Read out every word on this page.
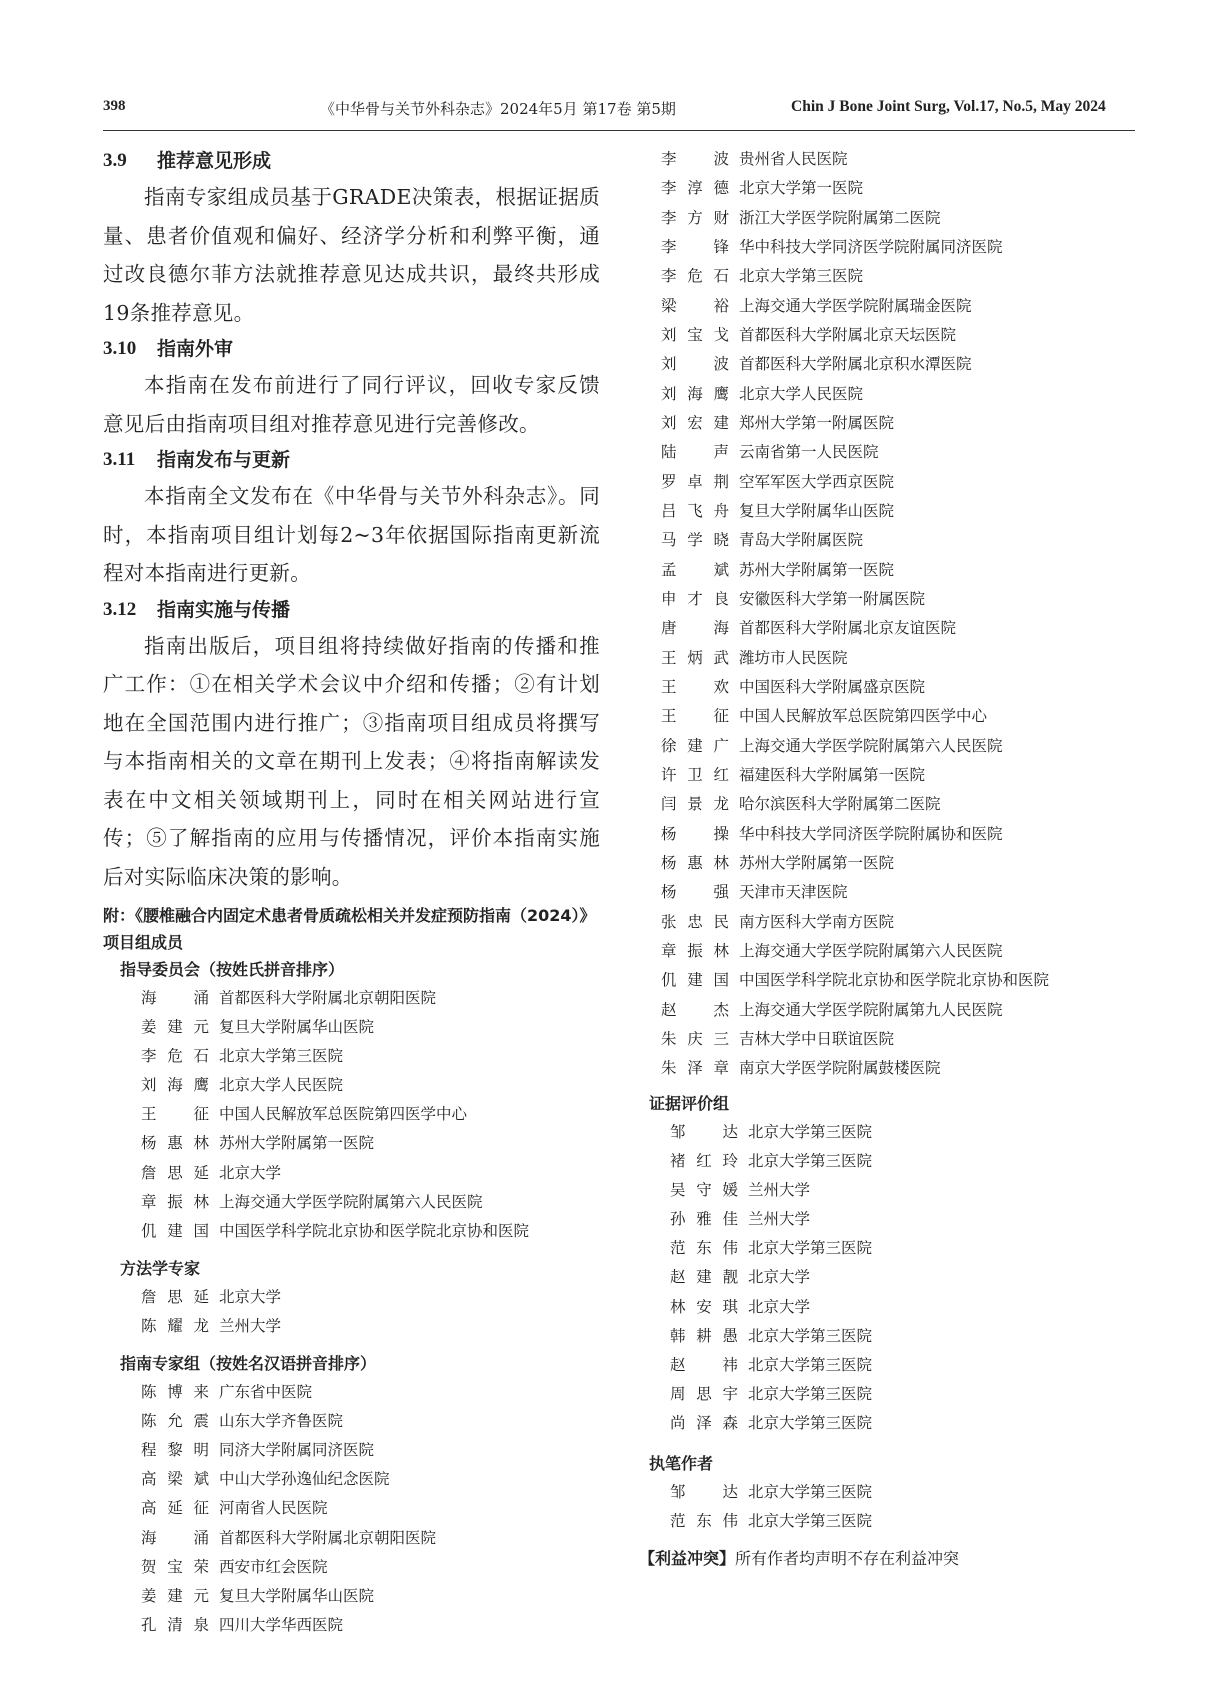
398	《中华骨与关节外科杂志》2024年5月 第17卷 第5期	Chin J Bone Joint Surg, Vol.17, No.5, May 2024
3.9	推荐意见形成

指南专家组成员基于GRADE决策表，根据证据质量、患者价值观和偏好、经济学分析和利弊平衡，通过改良德尔菲方法就推荐意见达成共识，最终共形成19条推荐意见。

3.10	指南外审

本指南在发布前进行了同行评议，回收专家反馈意见后由指南项目组对推荐意见进行完善修改。

3.11	指南发布与更新

本指南全文发布在《中华骨与关节外科杂志》。同时，本指南项目组计划每2~3年依据国际指南更新流程对本指南进行更新。

3.12	指南实施与传播

指南出版后，项目组将持续做好指南的传播和推广工作：①在相关学术会议中介绍和传播；②有计划地在全国范围内进行推广；③指南项目组成员将撰写与本指南相关的文章在期刊上发表；④将指南解读发表在中文相关领域期刊上，同时在相关网站进行宣传；⑤了解指南的应用与传播情况，评价本指南实施后对实际临床决策的影响。

附：《腰椎融合内固定术患者骨质疏松相关并发症预防指南（2024）》项目组成员
指导委员会（按姓氏拼音排序）
海　涌 首都医科大学附属北京朝阳医院
姜建元 复旦大学附属华山医院
李危石 北京大学第三医院
刘海鹰 北京大学人民医院
王　征 中国人民解放军总医院第四医学中心
杨惠林 苏州大学附属第一医院
詹思延 北京大学
章振林 上海交通大学医学院附属第六人民医院
仉建国 中国医学科学院北京协和医学院北京协和医院
方法学专家
詹思延 北京大学
陈耀龙 兰州大学
指南专家组（按姓名汉语拼音排序）
陈博来 广东省中医院
陈允震 山东大学齐鲁医院
程黎明 同济大学附属同济医院
高梁斌 中山大学孙逸仙纪念医院
高延征 河南省人民医院
海　涌 首都医科大学附属北京朝阳医院
贺宝荣 西安市红会医院
姜建元 复旦大学附属华山医院
孔清泉 四川大学华西医院
李　波 贵州省人民医院
李淳德 北京大学第一医院
李方财 浙江大学医学院附属第二医院
李　锋 华中科技大学同济医学院附属同济医院
李危石 北京大学第三医院
梁　裕 上海交通大学医学院附属瑞金医院
刘宝戈 首都医科大学附属北京天坛医院
刘　波 首都医科大学附属北京积水潭医院
刘海鹰 北京大学人民医院
刘宏建 郑州大学第一附属医院
陆　声 云南省第一人民医院
罗卓荆 空军军医大学西京医院
吕飞舟 复旦大学附属华山医院
马学晓 青岛大学附属医院
孟　斌 苏州大学附属第一医院
申才良 安徽医科大学第一附属医院
唐　海 首都医科大学附属北京友谊医院
王炳武 潍坊市人民医院
王　欢 中国医科大学附属盛京医院
王　征 中国人民解放军总医院第四医学中心
徐建广 上海交通大学医学院附属第六人民医院
许卫红 福建医科大学附属第一医院
闫景龙 哈尔滨医科大学附属第二医院
杨　操 华中科技大学同济医学院附属协和医院
杨惠林 苏州大学附属第一医院
杨　强 天津市天津医院
张忠民 南方医科大学南方医院
章振林 上海交通大学医学院附属第六人民医院
仉建国 中国医学科学院北京协和医学院北京协和医院
赵　杰 上海交通大学医学院附属第九人民医院
朱庆三 吉林大学中日联谊医院
朱泽章 南京大学医学院附属鼓楼医院
证据评价组
邹　达 北京大学第三医院
褚红玲 北京大学第三医院
吴守媛 兰州大学
孙雅佳 兰州大学
范东伟 北京大学第三医院
赵建靓 北京大学
林安琪 北京大学
韩耕愚 北京大学第三医院
赵　祎 北京大学第三医院
周思宇 北京大学第三医院
尚泽森 北京大学第三医院
执笔作者
邹　达 北京大学第三医院
范东伟 北京大学第三医院
【利益冲突】所有作者均声明不存在利益冲突
